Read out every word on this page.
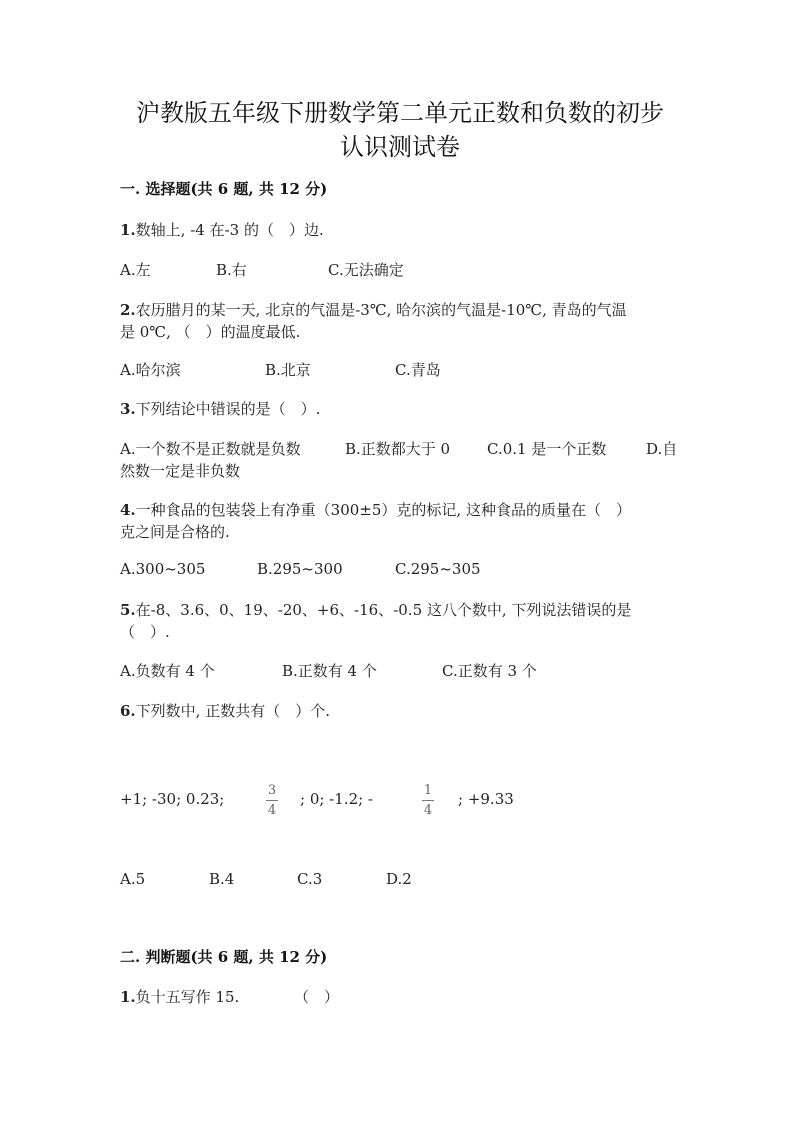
沪教版五年级下册数学第二单元正数和负数的初步
认识测试卷
一. 选择题(共 6 题, 共 12 分)
1.数轴上, -4 在-3 的（　）边.
A.左	B.右	C.无法确定
2.农历腊月的某一天, 北京的气温是-3℃, 哈尔滨的气温是-10℃, 青岛的气温
是 0℃, （　）的温度最低.
A.哈尔滨	B.北京	C.青岛
3.下列结论中错误的是（　）.
A.一个数不是正数就是负数	B.正数都大于 0 C.0.1 是一个正数	D.自
然数一定是非负数
4.一种食品的包装袋上有净重（300±5）克的标记, 这种食品的质量在（　）
克之间是合格的.
A.300~305	B.295~300	C.295~305
5.在-8、3.6、0、19、-20、+6、-16、-0.5 这八个数中, 下列说法错误的是
（　）.
A.负数有 4 个	B.正数有 4 个	C.正数有 3 个
6.下列数中, 正数共有（　）个.
+1; -30; 0.23;	3
4
; 0; -1.2; -	1
4
; +9.33
A.5	B.4	C.3	D.2
二. 判断题(共 6 题, 共 12 分)
1.负十五写作 15.	（　）
